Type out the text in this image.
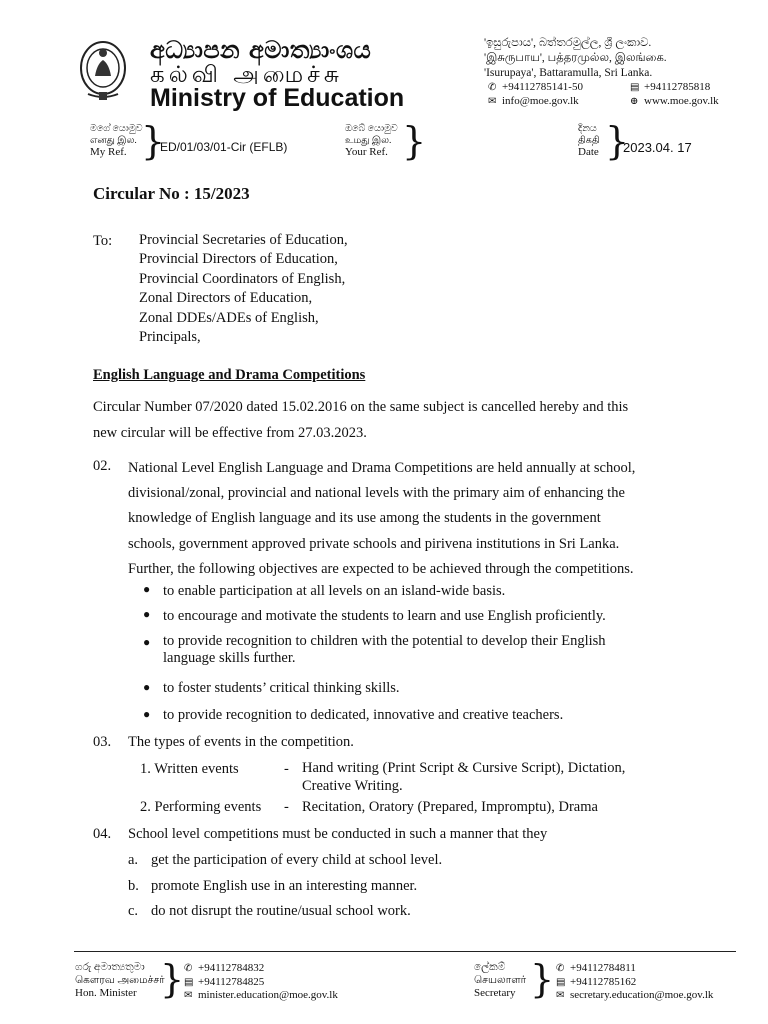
අධ්‍යාපන අමාත්‍යාංශය
கல்வி அமைச்சு
Ministry of Education
'ඉසුරුපාය', බත්තරමුල්ල, ශ්‍රී ලංකාව.
'இசுருபாய', பத்தரமுல்ல, இலங்கை.
'Isurupaya', Battaramulla, Sri Lanka.
✆ +94112785141-50	▤ +94112785818
✉ info@moe.gov.lk	⊕ www.moe.gov.lk
මගේ යොමුව
எனது இல.
My Ref. }
ED/01/03/01-Cir (EFLB)
ඔබේ යොමුව
உமது இல.
Your Ref. }	දිනය
திகதி
Date }
2023.04. 17
Circular No : 15/2023
To: Provincial Secretaries of Education,
Provincial Directors of Education,
Provincial Coordinators of English,
Zonal Directors of Education,
Zonal DDEs/ADEs of English,
Principals,
English Language and Drama Competitions
Circular Number 07/2020 dated 15.02.2016 on the same subject is cancelled hereby and this
new circular will be effective from 27.03.2023.
02. National Level English Language and Drama Competitions are held annually at school,
divisional/zonal, provincial and national levels with the primary aim of enhancing the
knowledge of English language and its use among the students in the government
schools, government approved private schools and pirivena institutions in Sri Lanka.
Further, the following objectives are expected to be achieved through the competitions.
● to enable participation at all levels on an island-wide basis.
● to encourage and motivate the students to learn and use English proficiently.
● to provide recognition to children with the potential to develop their English
language skills further.
● to foster students’ critical thinking skills.
● to provide recognition to dedicated, innovative and creative teachers.
03. The types of events in the competition.
1. Written events	- Hand writing (Print Script & Cursive Script), Dictation,
Creative Writing.
2. Performing events - Recitation, Oratory (Prepared, Impromptu), Drama
04. School level competitions must be conducted in such a manner that they
a. get the participation of every child at school level.
b. promote English use in an interesting manner.
c. do not disrupt the routine/usual school work.
ගරු අමාත්‍යතුමා
கௌரவ அமைச்சர்
Hon. Minister } ✆ +94112784832
▤ +94112784825
✉ minister.education@moe.gov.lk
ලේකම්
செயலாளர்
Secretary } ✆ +94112784811
▤ +94112785162
✉ secretary.education@moe.gov.lk
